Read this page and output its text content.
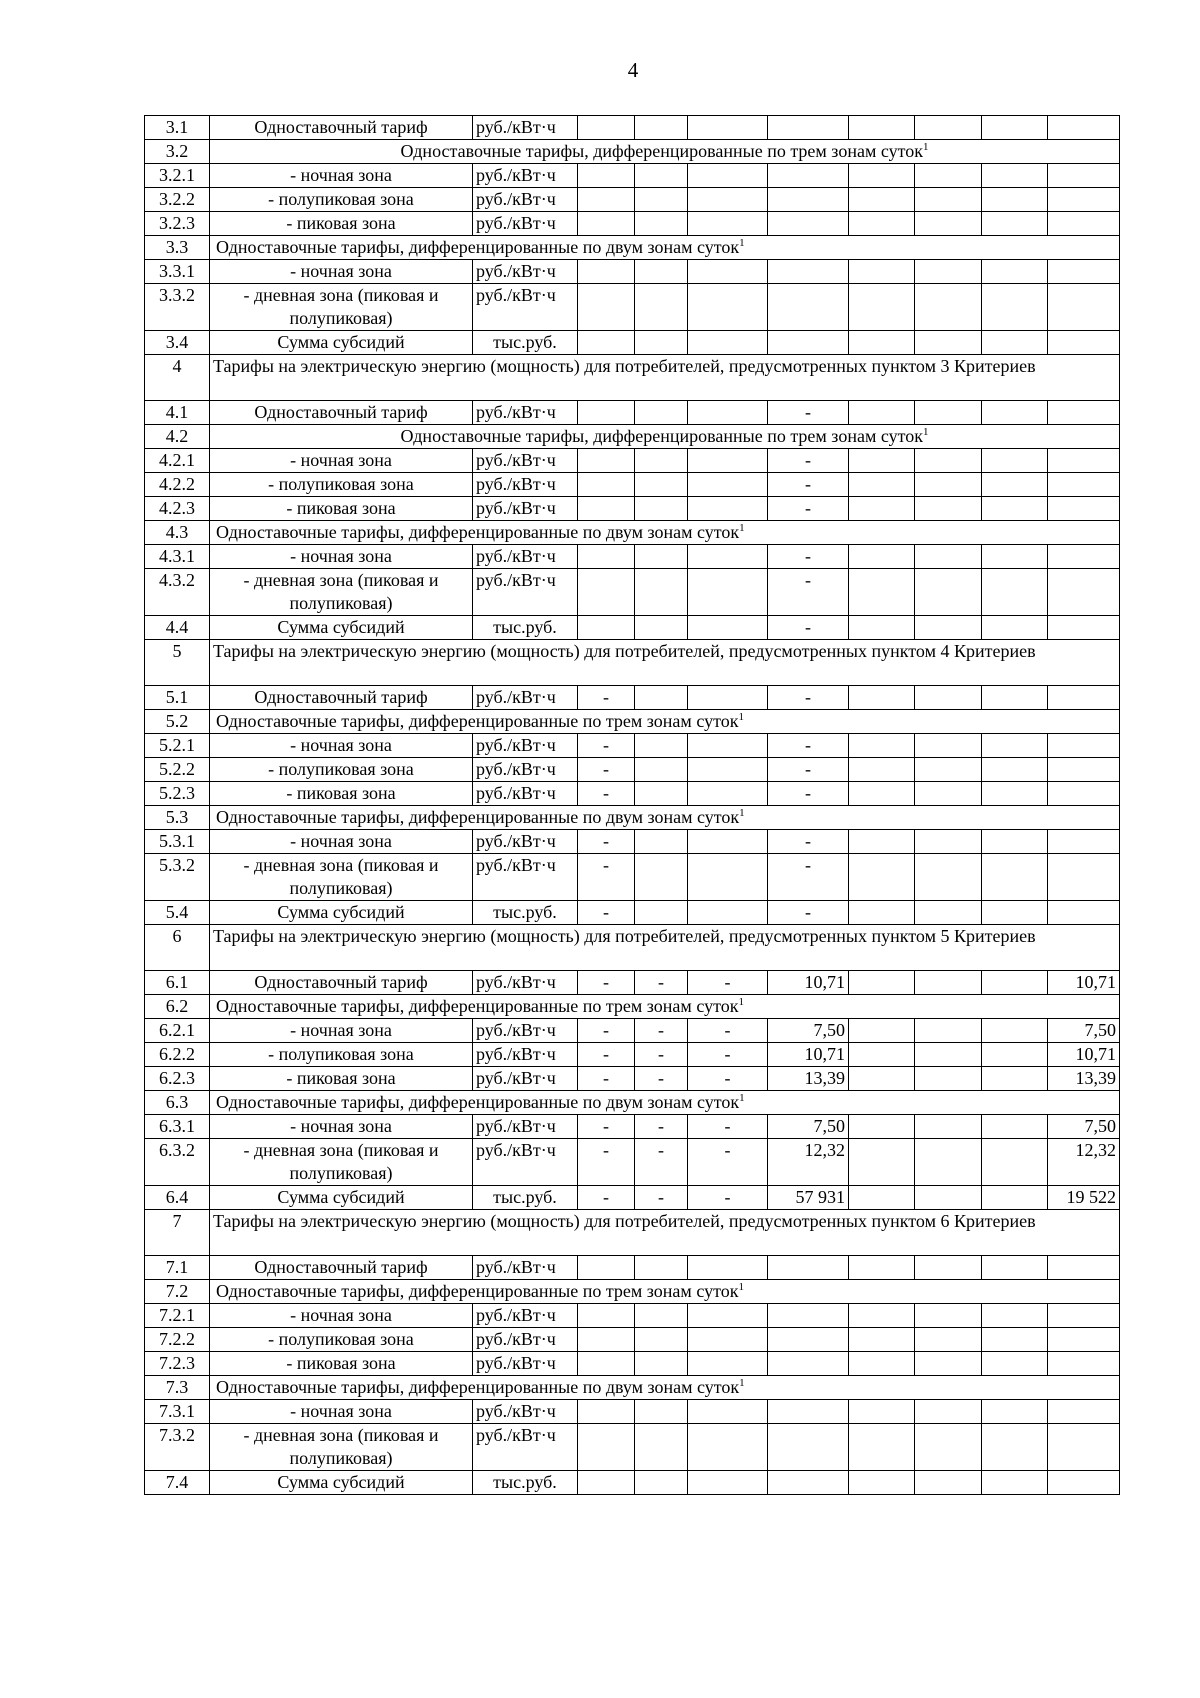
4
3.1	Одноставочный тариф	руб./кВт·ч								
3.2	Одноставочные тарифы, дифференцированные по трем зонам суток$^1$
3.2.1	- ночная зона	руб./кВт·ч								
3.2.2	- полупиковая зона	руб./кВт·ч								
3.2.3	- пиковая зона	руб./кВт·ч								
3.3	Одноставочные тарифы, дифференцированные по двум зонам суток$^1$
3.3.1	- ночная зона	руб./кВт·ч								
3.3.2	- дневная зона (пиковая и полупиковая)	руб./кВт·ч								
3.4	Сумма субсидий	тыс.руб.								
4	Тарифы на электрическую энергию (мощность) для потребителей, предусмотренных пунктом 3 Критериев									
4.1	Одноставочный тариф	руб./кВт·ч				-				
4.2	Одноставочные тарифы, дифференцированные по трем зонам суток$^1$
4.2.1	- ночная зона	руб./кВт·ч				-				
4.2.2	- полупиковая зона	руб./кВт·ч				-				
4.2.3	- пиковая зона	руб./кВт·ч				-				
4.3	Одноставочные тарифы, дифференцированные по двум зонам суток$^1$
4.3.1	- ночная зона	руб./кВт·ч				-				
4.3.2	- дневная зона (пиковая и полупиковая)	руб./кВт·ч				-				
4.4	Сумма субсидий	тыс.руб.				-				
5	Тарифы на электрическую энергию (мощность) для потребителей, предусмотренных пунктом 4 Критериев									
5.1	Одноставочный тариф	руб./кВт·ч	-			-				
5.2	Одноставочные тарифы, дифференцированные по трем зонам суток$^1$
5.2.1	- ночная зона	руб./кВт·ч	-			-				
5.2.2	- полупиковая зона	руб./кВт·ч	-			-				
5.2.3	- пиковая зона	руб./кВт·ч	-			-				
5.3	Одноставочные тарифы, дифференцированные по двум зонам суток$^1$
5.3.1	- ночная зона	руб./кВт·ч	-			-				
5.3.2	- дневная зона (пиковая и полупиковая)	руб./кВт·ч	-			-				
5.4	Сумма субсидий	тыс.руб.	-			-				
6	Тарифы на электрическую энергию (мощность) для потребителей, предусмотренных пунктом 5 Критериев									
6.1	Одноставочный тариф	руб./кВт·ч	-	-	-	10,71				10,71
6.2	Одноставочные тарифы, дифференцированные по трем зонам суток$^1$
6.2.1	- ночная зона	руб./кВт·ч	-	-	-	7,50				7,50
6.2.2	- полупиковая зона	руб./кВт·ч	-	-	-	10,71				10,71
6.2.3	- пиковая зона	руб./кВт·ч	-	-	-	13,39				13,39
6.3	Одноставочные тарифы, дифференцированные по двум зонам суток$^1$
6.3.1	- ночная зона	руб./кВт·ч	-	-	-	7,50				7,50
6.3.2	- дневная зона (пиковая и полупиковая)	руб./кВт·ч	-	-	-	12,32				12,32
6.4	Сумма субсидий	тыс.руб.	-	-	-	57 931				19 522
7	Тарифы на электрическую энергию (мощность) для потребителей, предусмотренных пунктом 6 Критериев									
7.1	Одноставочный тариф	руб./кВт·ч								
7.2	Одноставочные тарифы, дифференцированные по трем зонам суток$^1$
7.2.1	- ночная зона	руб./кВт·ч								
7.2.2	- полупиковая зона	руб./кВт·ч								
7.2.3	- пиковая зона	руб./кВт·ч								
7.3	Одноставочные тарифы, дифференцированные по двум зонам суток$^1$
7.3.1	- ночная зона	руб./кВт·ч								
7.3.2	- дневная зона (пиковая и полупиковая)	руб./кВт·ч								
7.4	Сумма субсидий	тыс.руб.								
